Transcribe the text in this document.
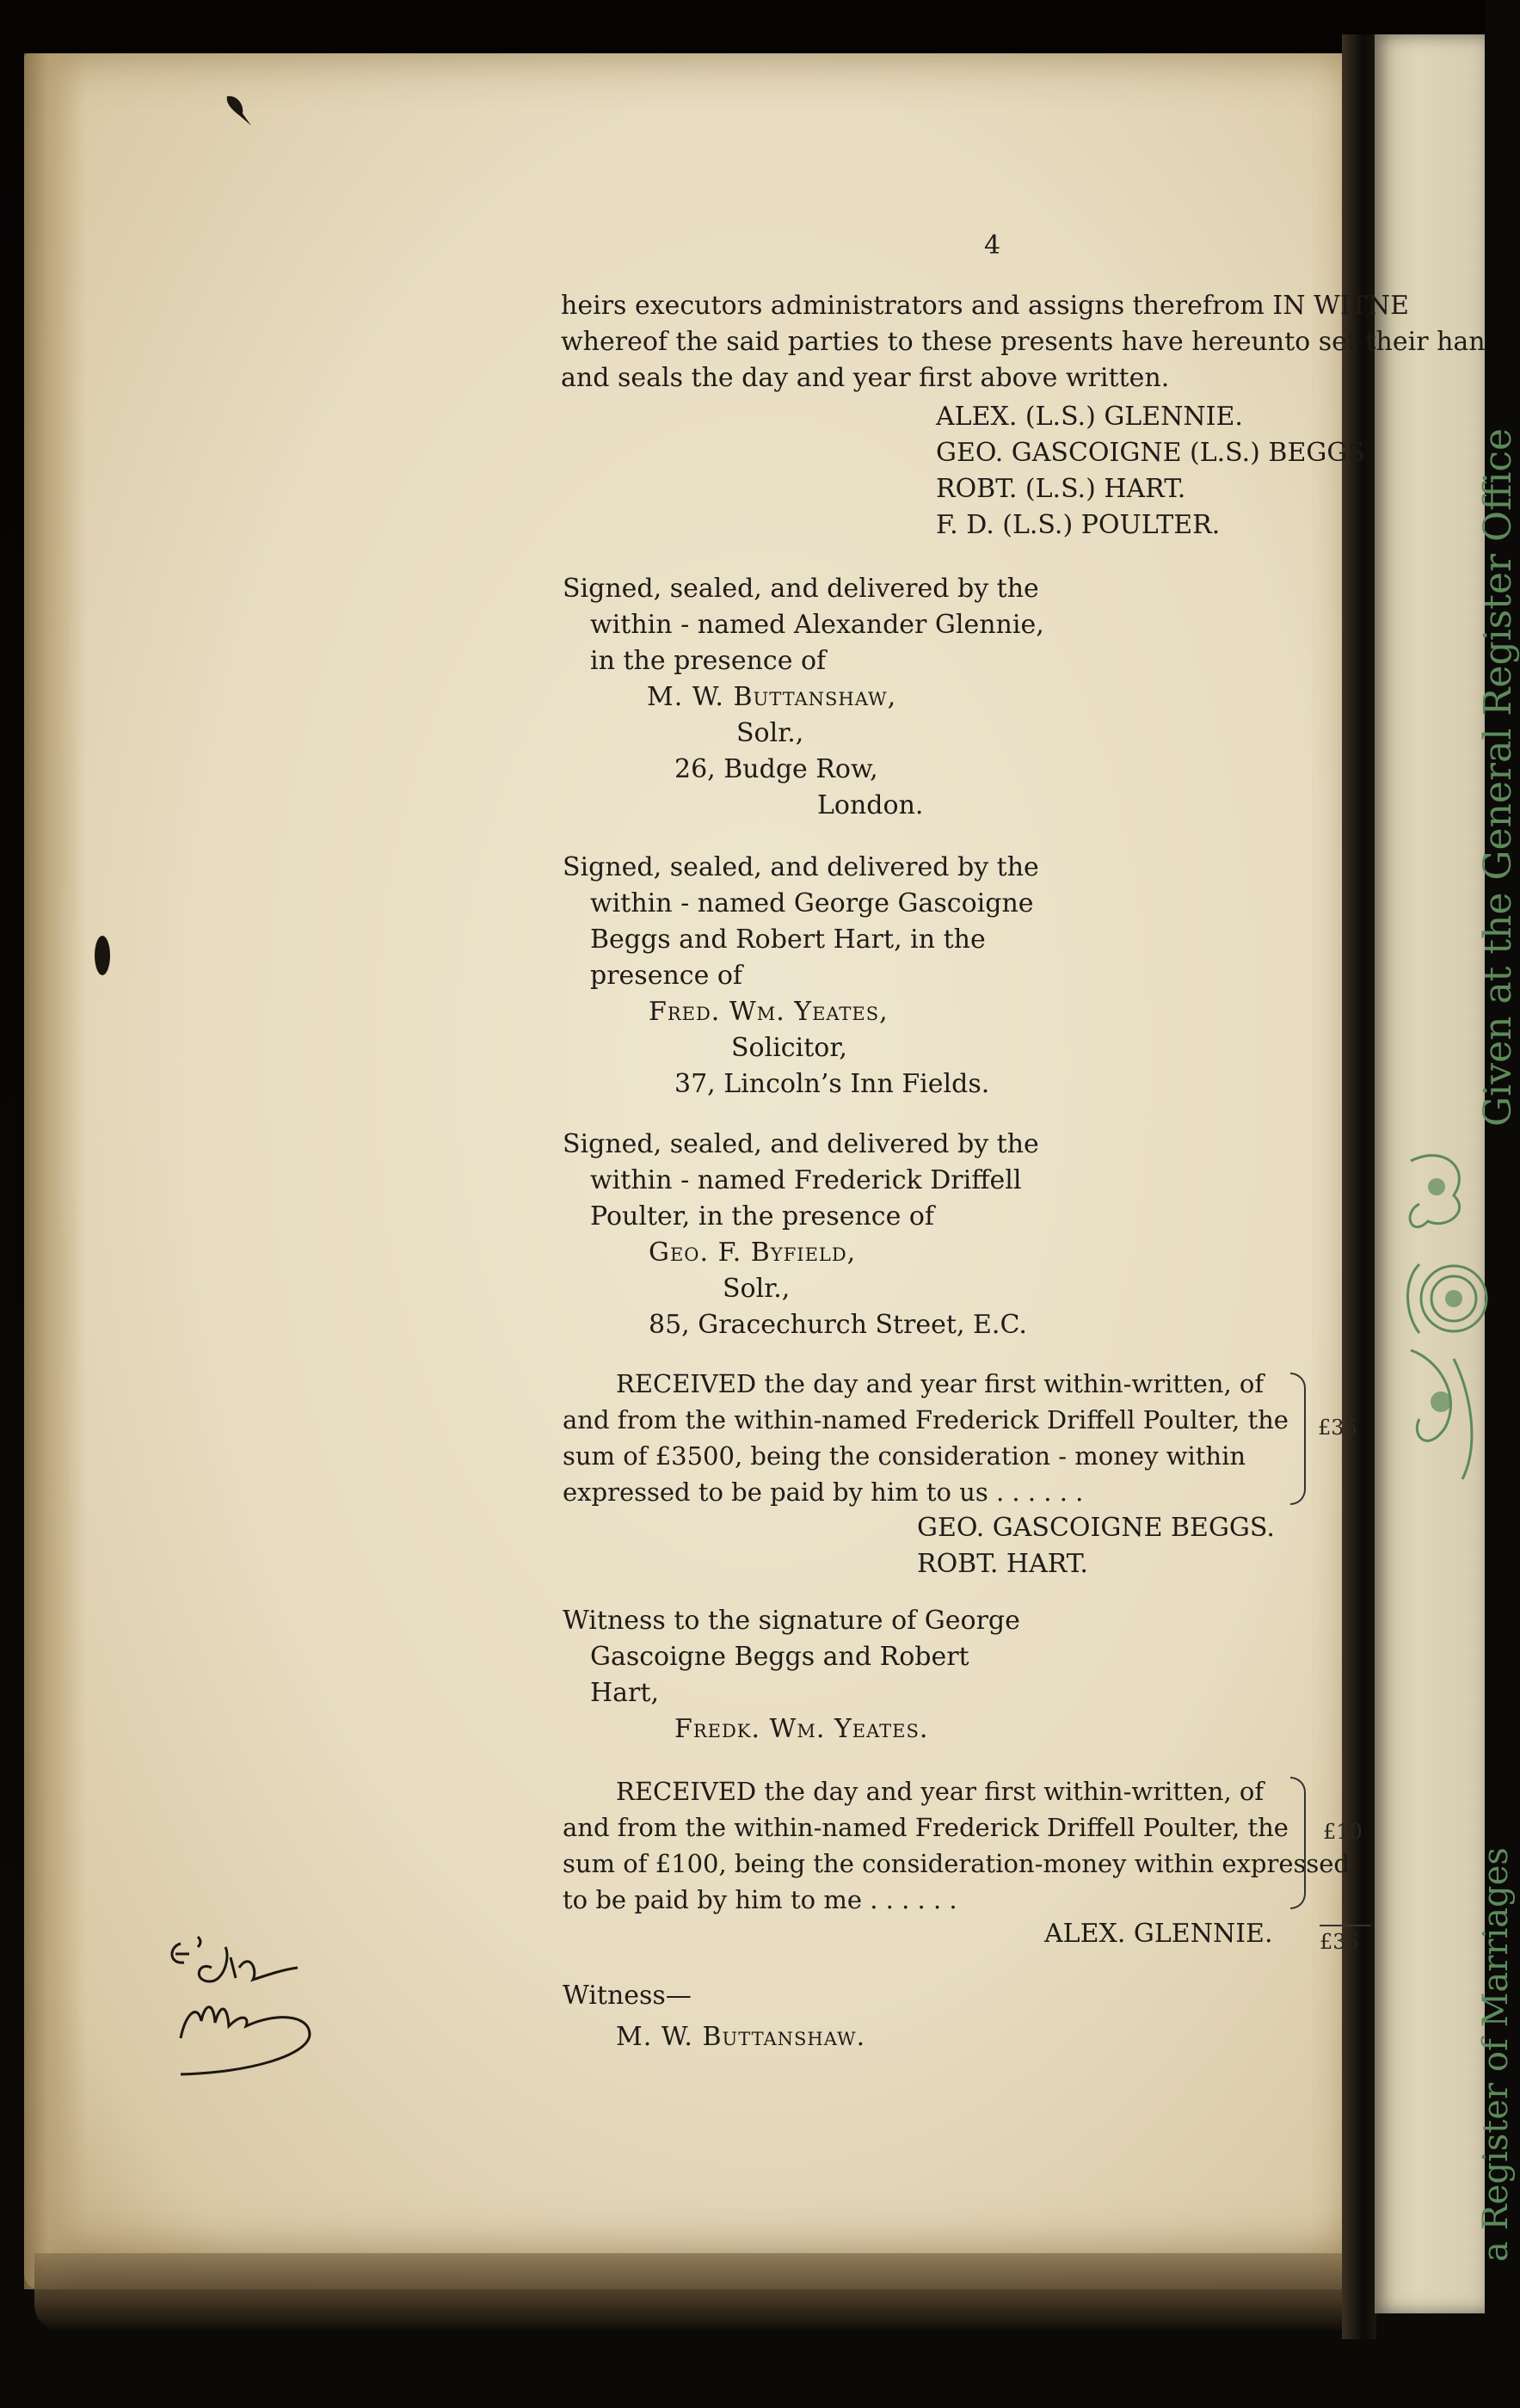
4
heirs executors administrators and assigns therefrom IN WITNE
whereof the said parties to these presents have hereunto set their han
and seals the day and year first above written.
ALEX. (L.S.) GLENNIE.
GEO. GASCOIGNE (L.S.) BEGGS
ROBT. (L.S.) HART.
F. D. (L.S.) POULTER.
Signed, sealed, and delivered by the
within - named Alexander Glennie,
in the presence of
M. W. Buttanshaw,
Solr.,
26, Budge Row,
London.
Signed, sealed, and delivered by the
within - named George Gascoigne
Beggs and Robert Hart, in the
presence of
Fred. Wm. Yeates,
Solicitor,
37, Lincoln’s Inn Fields.
Signed, sealed, and delivered by the
within - named Frederick Driffell
Poulter, in the presence of
Geo. F. Byfield,
Solr.,
85, Gracechurch Street, E.C.
RECEIVED the day and year first within-written, of
and from the within-named Frederick Driffell Poulter, the
sum of £3500, being the consideration - money within
expressed to be paid by him to us . . . . . .
£35
GEO. GASCOIGNE BEGGS.
ROBT. HART.
Witness to the signature of George
Gascoigne Beggs and Robert
Hart,
Fredk. Wm. Yeates.
RECEIVED the day and year first within-written, of
and from the within-named Frederick Driffell Poulter, the
sum of £100, being the consideration-money within expressed
to be paid by him to me . . . . . .
£10
£36
ALEX. GLENNIE.
Witness—
M. W. Buttanshaw.
Given at the General Register Office
a Register of Marriages
